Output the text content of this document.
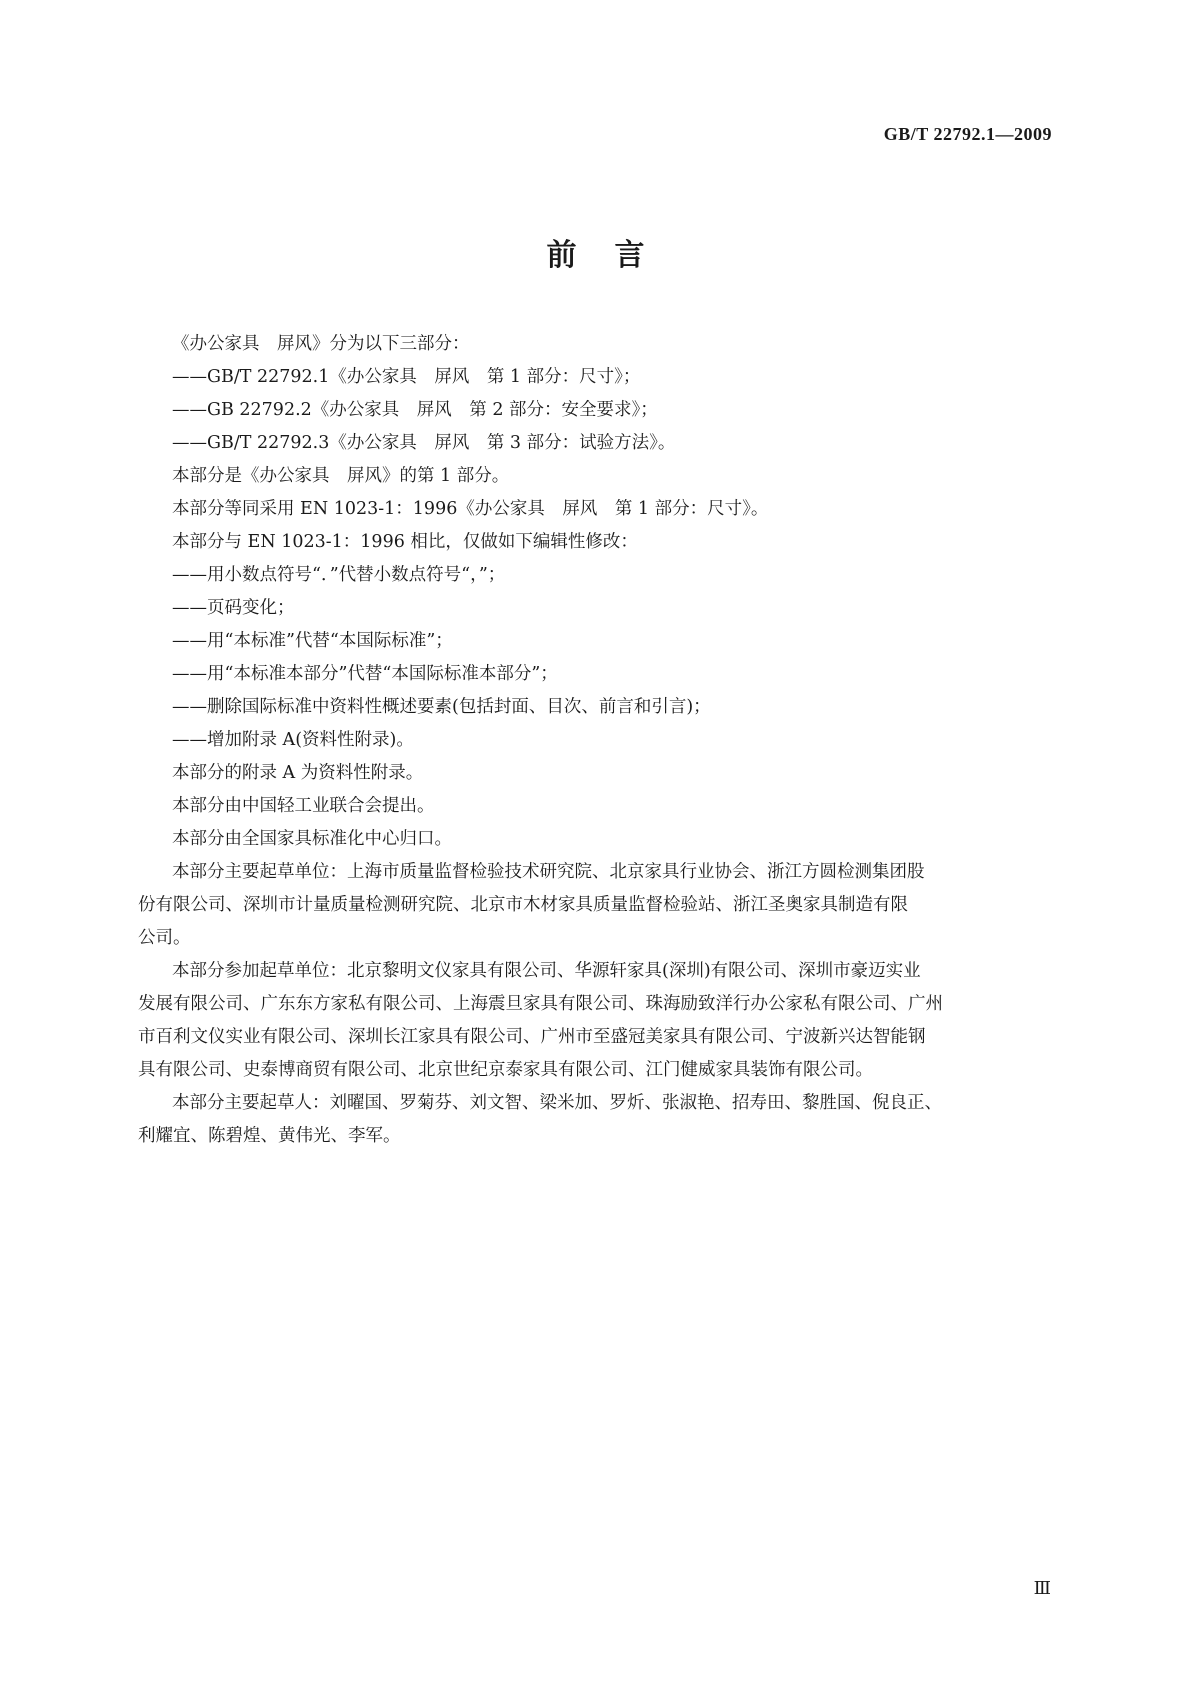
GB/T 22792.1—2009
前言
《办公家具　屏风》分为以下三部分：
——GB/T 22792.1《办公家具　屏风　第 1 部分：尺寸》；
——GB 22792.2《办公家具　屏风　第 2 部分：安全要求》；
——GB/T 22792.3《办公家具　屏风　第 3 部分：试验方法》。
本部分是《办公家具　屏风》的第 1 部分。
本部分等同采用 EN 1023-1：1996《办公家具　屏风　第 1 部分：尺寸》。
本部分与 EN 1023-1：1996 相比，仅做如下编辑性修改：
——用小数点符号“．”代替小数点符号“，”；
——页码变化；
——用“本标准”代替“本国际标准”；
——用“本标准本部分”代替“本国际标准本部分”；
——删除国际标准中资料性概述要素(包括封面、目次、前言和引言)；
——增加附录 A(资料性附录)。
本部分的附录 A 为资料性附录。
本部分由中国轻工业联合会提出。
本部分由全国家具标准化中心归口。
本部分主要起草单位：上海市质量监督检验技术研究院、北京家具行业协会、浙江方圆检测集团股
份有限公司、深圳市计量质量检测研究院、北京市木材家具质量监督检验站、浙江圣奥家具制造有限
公司。
本部分参加起草单位：北京黎明文仪家具有限公司、华源轩家具(深圳)有限公司、深圳市豪迈实业
发展有限公司、广东东方家私有限公司、上海震旦家具有限公司、珠海励致洋行办公家私有限公司、广州
市百利文仪实业有限公司、深圳长江家具有限公司、广州市至盛冠美家具有限公司、宁波新兴达智能钢
具有限公司、史泰博商贸有限公司、北京世纪京泰家具有限公司、江门健威家具装饰有限公司。
本部分主要起草人：刘曜国、罗菊芬、刘文智、梁米加、罗炘、张淑艳、招寿田、黎胜国、倪良正、
利耀宜、陈碧煌、黄伟光、李军。
Ⅲ
